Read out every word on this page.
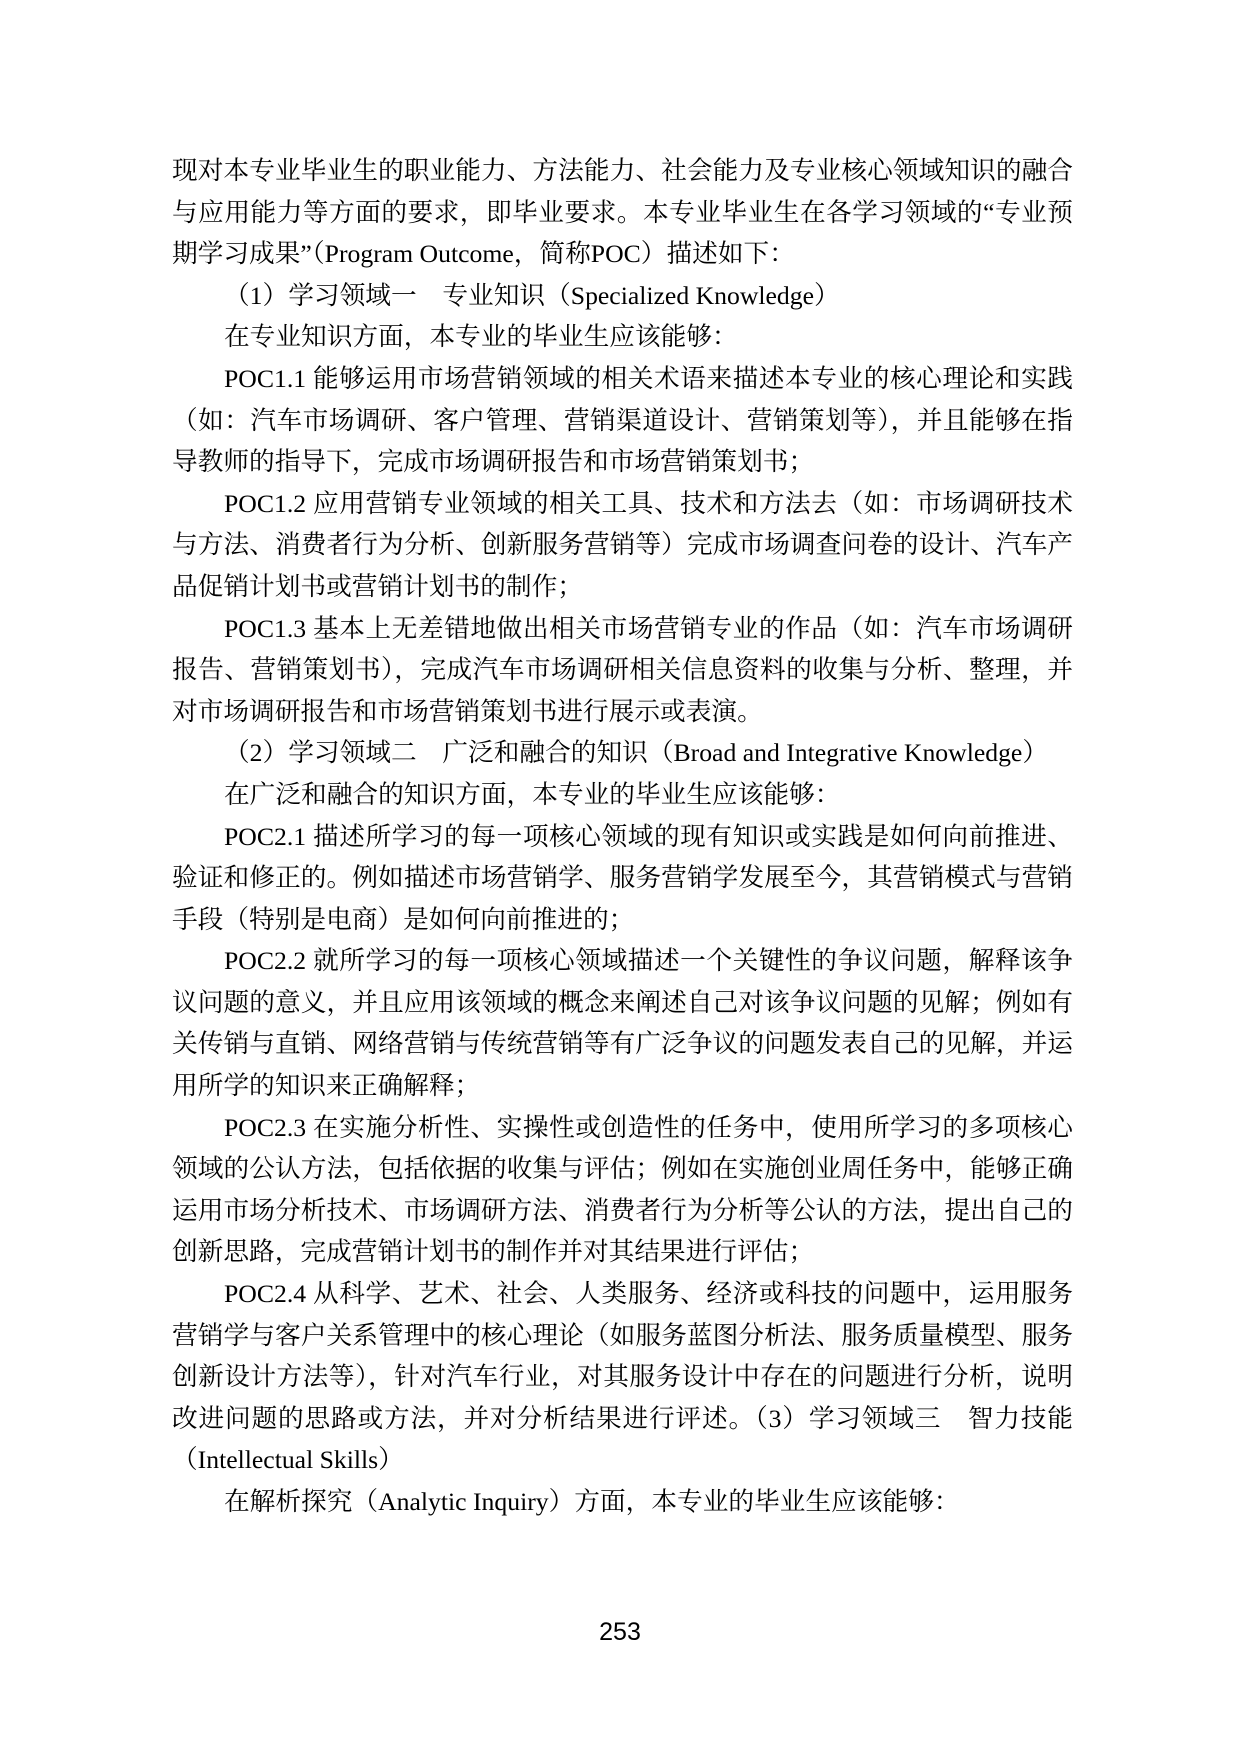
现对本专业毕业生的职业能力、方法能力、社会能力及专业核心领域知识的融合与应用能力等方面的要求，即毕业要求。本专业毕业生在各学习领域的“专业预期学习成果”（Program Outcome，简称POC）描述如下：

（1）学习领域一　专业知识（Specialized Knowledge）

在专业知识方面，本专业的毕业生应该能够：

POC1.1 能够运用市场营销领域的相关术语来描述本专业的核心理论和实践（如：汽车市场调研、客户管理、营销渠道设计、营销策划等），并且能够在指导教师的指导下，完成市场调研报告和市场营销策划书；

POC1.2 应用营销专业领域的相关工具、技术和方法去（如：市场调研技术与方法、消费者行为分析、创新服务营销等）完成市场调查问卷的设计、汽车产品促销计划书或营销计划书的制作；

POC1.3 基本上无差错地做出相关市场营销专业的作品（如：汽车市场调研报告、营销策划书），完成汽车市场调研相关信息资料的收集与分析、整理，并对市场调研报告和市场营销策划书进行展示或表演。

（2）学习领域二　广泛和融合的知识（Broad and Integrative Knowledge）

在广泛和融合的知识方面，本专业的毕业生应该能够：

POC2.1 描述所学习的每一项核心领域的现有知识或实践是如何向前推进、验证和修正的。例如描述市场营销学、服务营销学发展至今，其营销模式与营销手段（特别是电商）是如何向前推进的；

POC2.2 就所学习的每一项核心领域描述一个关键性的争议问题，解释该争议问题的意义，并且应用该领域的概念来阐述自己对该争议问题的见解；例如有关传销与直销、网络营销与传统营销等有广泛争议的问题发表自己的见解，并运用所学的知识来正确解释；

POC2.3 在实施分析性、实操性或创造性的任务中，使用所学习的多项核心领域的公认方法，包括依据的收集与评估；例如在实施创业周任务中，能够正确运用市场分析技术、市场调研方法、消费者行为分析等公认的方法，提出自己的创新思路，完成营销计划书的制作并对其结果进行评估；

POC2.4 从科学、艺术、社会、人类服务、经济或科技的问题中，运用服务营销学与客户关系管理中的核心理论（如服务蓝图分析法、服务质量模型、服务创新设计方法等），针对汽车行业，对其服务设计中存在的问题进行分析，说明改进问题的思路或方法，并对分析结果进行评述。（3）学习领域三　智力技能（Intellectual Skills）

在解析探究（Analytic Inquiry）方面，本专业的毕业生应该能够：

253
